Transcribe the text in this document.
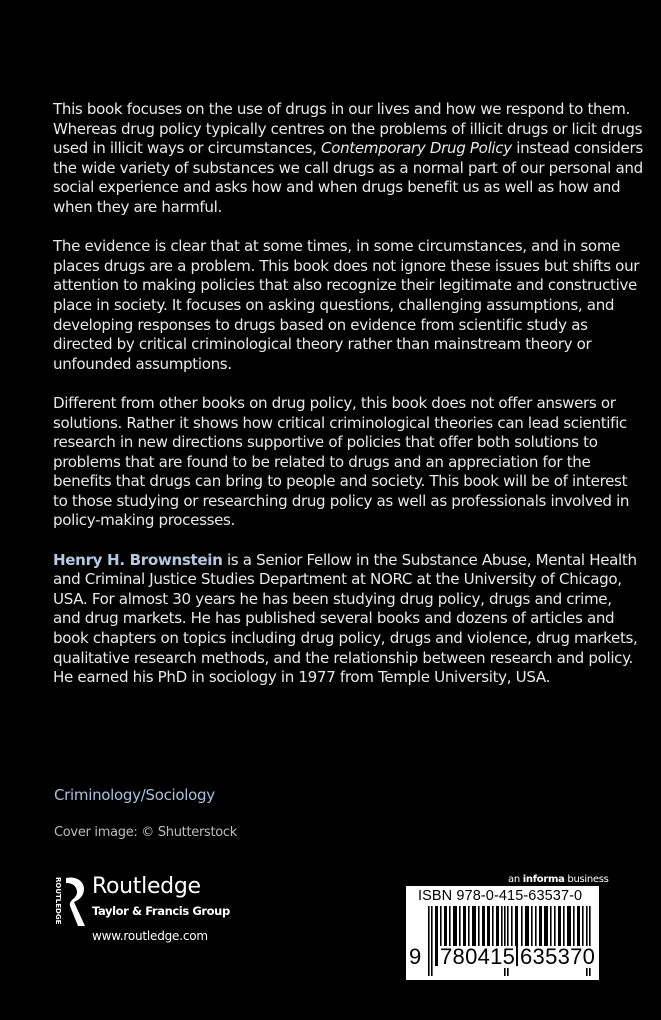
This book focuses on the use of drugs in our lives and how we respond to them. Whereas drug policy typically centres on the problems of illicit drugs or licit drugs used in illicit ways or circumstances, Contemporary Drug Policy instead considers the wide variety of substances we call drugs as a normal part of our personal and social experience and asks how and when drugs benefit us as well as how and when they are harmful.

The evidence is clear that at some times, in some circumstances, and in some places drugs are a problem. This book does not ignore these issues but shifts our attention to making policies that also recognize their legitimate and constructive place in society. It focuses on asking questions, challenging assumptions, and developing responses to drugs based on evidence from scientific study as directed by critical criminological theory rather than mainstream theory or unfounded assumptions.

Different from other books on drug policy, this book does not offer answers or solutions. Rather it shows how critical criminological theories can lead scientific research in new directions supportive of policies that offer both solutions to problems that are found to be related to drugs and an appreciation for the benefits that drugs can bring to people and society. This book will be of interest to those studying or researching drug policy as well as professionals involved in policy-making processes.

Henry H. Brownstein is a Senior Fellow in the Substance Abuse, Mental Health and Criminal Justice Studies Department at NORC at the University of Chicago, USA. For almost 30 years he has been studying drug policy, drugs and crime, and drug markets. He has published several books and dozens of articles and book chapters on topics including drug policy, drugs and violence, drug markets, qualitative research methods, and the relationship between research and policy. He earned his PhD in sociology in 1977 from Temple University, USA.

Criminology/Sociology
Cover image: © Shutterstock
ROUTLEDGE Routledge
Taylor & Francis Group
www.routledge.com
an informa business
ISBN 978-0-415-63537-0
9 780415 635370
